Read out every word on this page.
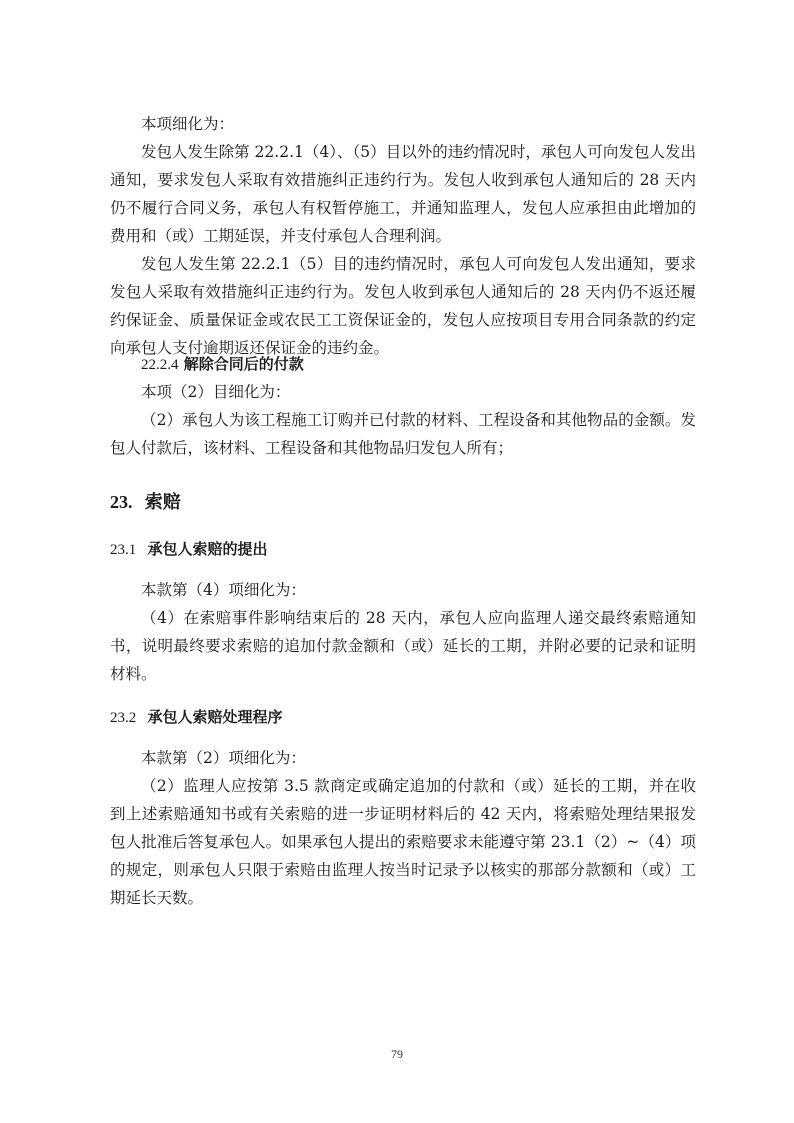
本项细化为：

发包人发生除第 22.2.1（4）、（5）目以外的违约情况时，承包人可向发包人发出通知，要求发包人采取有效措施纠正违约行为。发包人收到承包人通知后的 28 天内仍不履行合同义务，承包人有权暂停施工，并通知监理人，发包人应承担由此增加的费用和（或）工期延误，并支付承包人合理利润。

发包人发生第 22.2.1（5）目的违约情况时，承包人可向发包人发出通知，要求发包人采取有效措施纠正违约行为。发包人收到承包人通知后的 28 天内仍不返还履约保证金、质量保证金或农民工工资保证金的，发包人应按项目专用合同条款的约定向承包人支付逾期返还保证金的违约金。

22.2.4 解除合同后的付款

本项（2）目细化为：

（2）承包人为该工程施工订购并已付款的材料、工程设备和其他物品的金额。发包人付款后，该材料、工程设备和其他物品归发包人所有；

23. 索赔
23.1 承包人索赔的提出

本款第（4）项细化为：

（4）在索赔事件影响结束后的 28 天内，承包人应向监理人递交最终索赔通知书，说明最终要求索赔的追加付款金额和（或）延长的工期，并附必要的记录和证明材料。

23.2 承包人索赔处理程序

本款第（2）项细化为：

（2）监理人应按第 3.5 款商定或确定追加的付款和（或）延长的工期，并在收到上述索赔通知书或有关索赔的进一步证明材料后的 42 天内，将索赔处理结果报发包人批准后答复承包人。如果承包人提出的索赔要求未能遵守第 23.1（2）~（4）项的规定，则承包人只限于索赔由监理人按当时记录予以核实的那部分款额和（或）工期延长天数。

79
